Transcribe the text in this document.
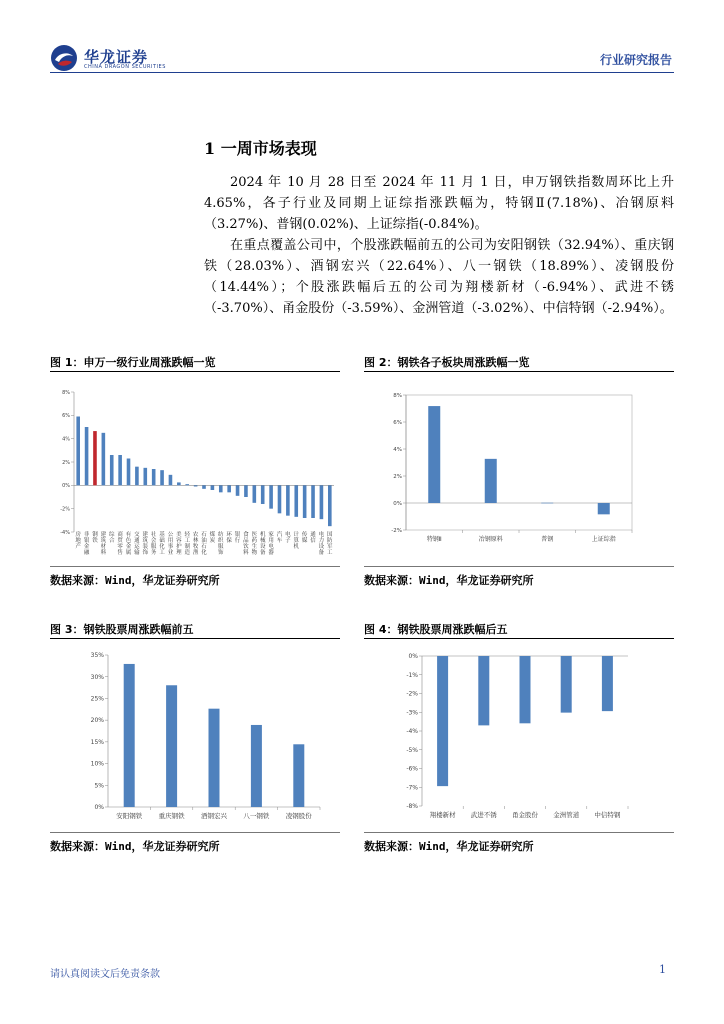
华龙证券
CHINA DRAGON SECURITIES	行业研究报告
1 一周市场表现

2024 年 10 月 28 日至 2024 年 11 月 1 日，申万钢铁指数周环比上升 4.65%，各子行业及同期上证综指涨跌幅为，特钢Ⅱ(7.18%)、冶钢原料（3.27%)、普钢(0.02%)、上证综指(-0.84%)。

在重点覆盖公司中，个股涨跌幅前五的公司为安阳钢铁（32.94%）、重庆钢铁（28.03%）、酒钢宏兴（22.64%）、八一钢铁（18.89%）、凌钢股份（14.44%）；个股涨跌幅后五的公司为翔楼新材（-6.94%）、武进不锈（-3.70%）、甬金股份（-3.59%）、金洲管道（-3.02%）、中信特钢（-2.94%）。

图 1：申万一级行业周涨跌幅一览
-4%
-2%
0%
2%
4%
6%
8%
房地产
非银金融
钢铁
建筑材料
综合
商贸零售
有色金属
交通运输
建筑装饰
社会服务
基础化工
公用事业
美容护理
轻工制造
农林牧渔
石油石化
煤炭
纺织服饰
环保
银行
食品饮料
医药生物
机械设备
家用电器
汽车
电子
计算机
传媒
通信
电力设备
国防军工
数据来源：Wind，华龙证券研究所
图 2：钢铁各子板块周涨跌幅一览
-2%
0%
2%
4%
6%
8%
特钢Ⅱ	冶钢原料	普钢	上证综指
数据来源：Wind，华龙证券研究所
图 3：钢铁股票周涨跌幅前五
0%
5%
10%
15%
20%
25%
30%
35%
安阳钢铁	重庆钢铁	酒钢宏兴	八一钢铁	凌钢股份
数据来源：Wind，华龙证券研究所
图 4：钢铁股票周涨跌幅后五
0%
-1%
-2%
-3%
-4%
-5%
-6%
-7%
-8%
翔楼新材 武进不锈 甬金股份 金洲管道 中信特钢
数据来源：Wind，华龙证券研究所
请认真阅读文后免责条款	1
